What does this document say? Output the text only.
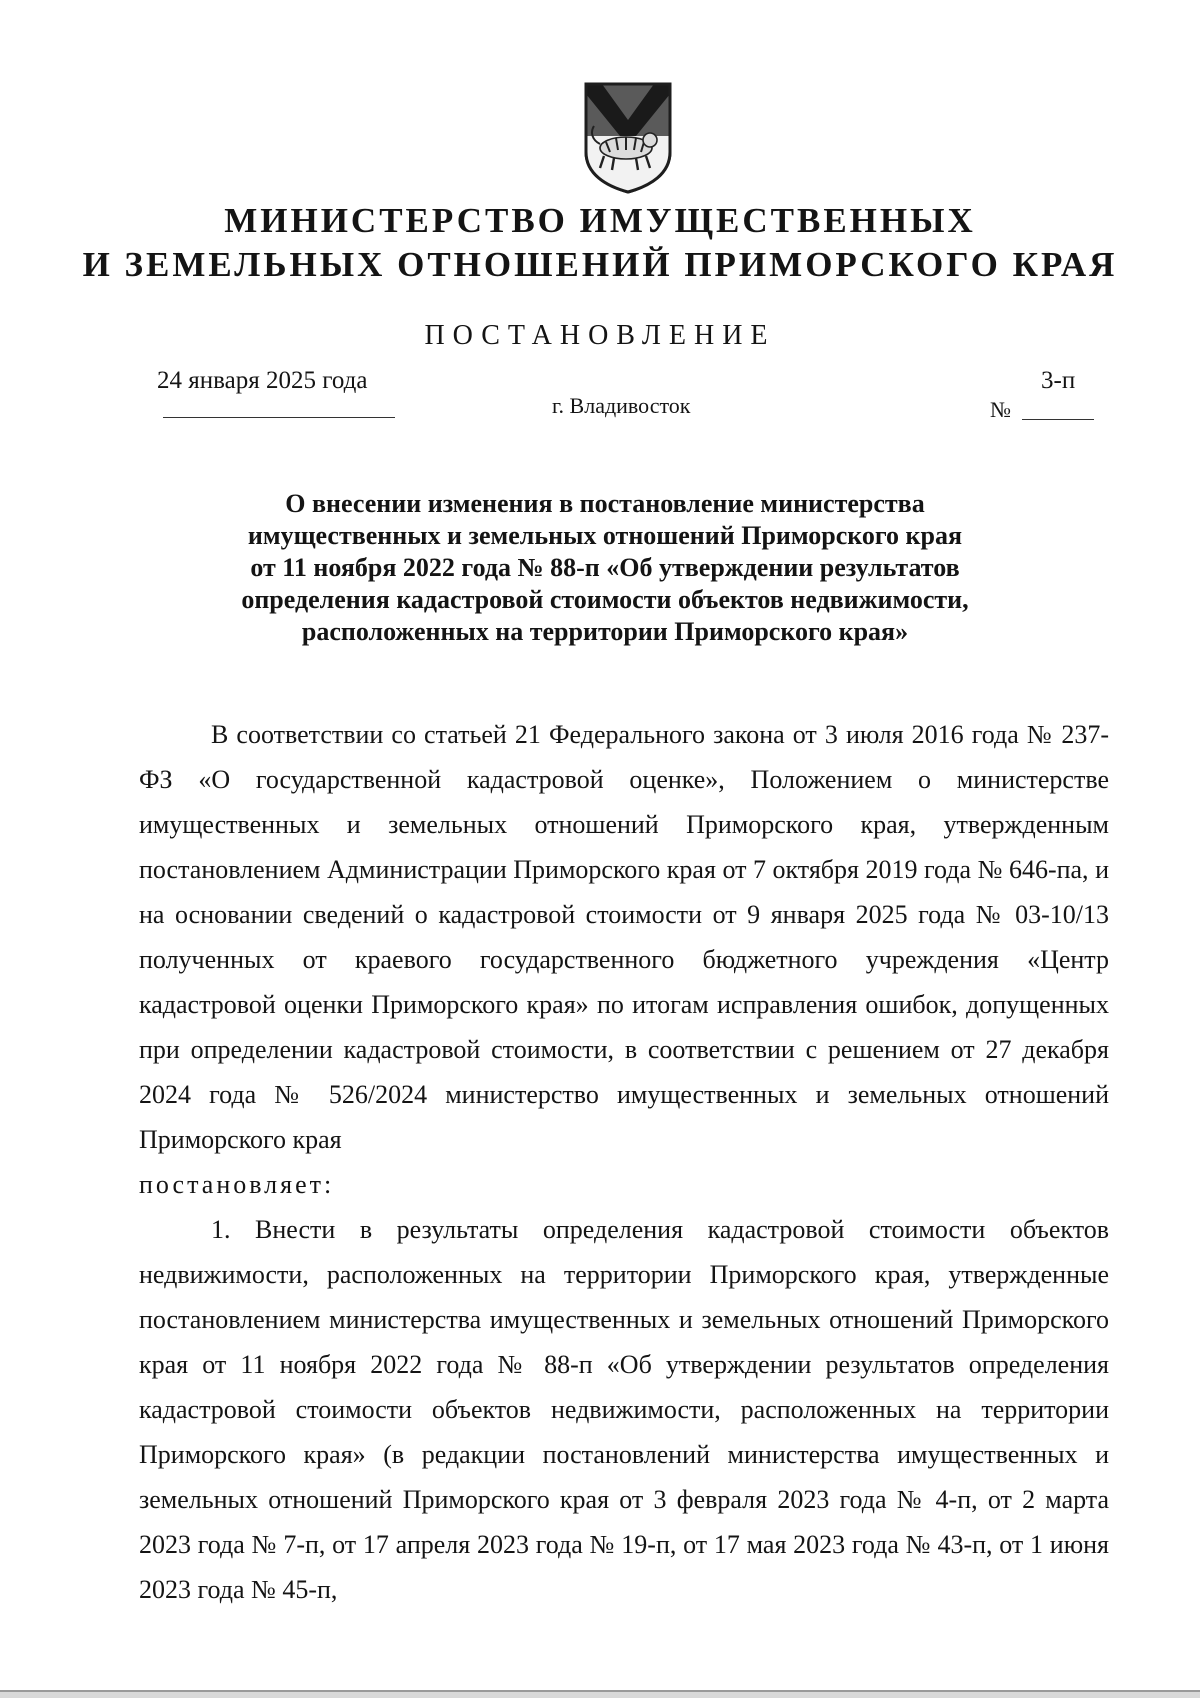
МИНИСТЕРСТВО ИМУЩЕСТВЕННЫХ
И ЗЕМЕЛЬНЫХ ОТНОШЕНИЙ ПРИМОРСКОГО КРАЯ
ПОСТАНОВЛЕНИЕ
24 января 2025 года
г. Владивосток
3-п
№
О внесении изменения в постановление министерства
имущественных и земельных отношений Приморского края
от 11 ноября 2022 года № 88-п «Об утверждении результатов
определения кадастровой стоимости объектов недвижимости,
расположенных на территории Приморского края»

В соответствии со статьей 21 Федерального закона от 3 июля 2016 года № 237-ФЗ «О государственной кадастровой оценке», Положением о министерстве имущественных и земельных отношений Приморского края, утвержденным постановлением Администрации Приморского края от 7 октября 2019 года № 646-па, и на основании сведений о кадастровой стоимости от 9 января 2025 года № 03-10/13 полученных от краевого государственного бюджетного учреждения «Центр кадастровой оценки Приморского края» по итогам исправления ошибок, допущенных при определении кадастровой стоимости, в соответствии с решением от 27 декабря 2024 года № 526/2024 министерство имущественных и земельных отношений Приморского края

постановляет:

1. Внести в результаты определения кадастровой стоимости объектов недвижимости, расположенных на территории Приморского края, утвержденные постановлением министерства имущественных и земельных отношений Приморского края от 11 ноября 2022 года № 88-п «Об утверждении результатов определения кадастровой стоимости объектов недвижимости, расположенных на территории Приморского края» (в редакции постановлений министерства имущественных и земельных отношений Приморского края от 3 февраля 2023 года № 4-п, от 2 марта 2023 года № 7-п, от 17 апреля 2023 года № 19-п, от 17 мая 2023 года № 43-п, от 1 июня 2023 года № 45-п,
